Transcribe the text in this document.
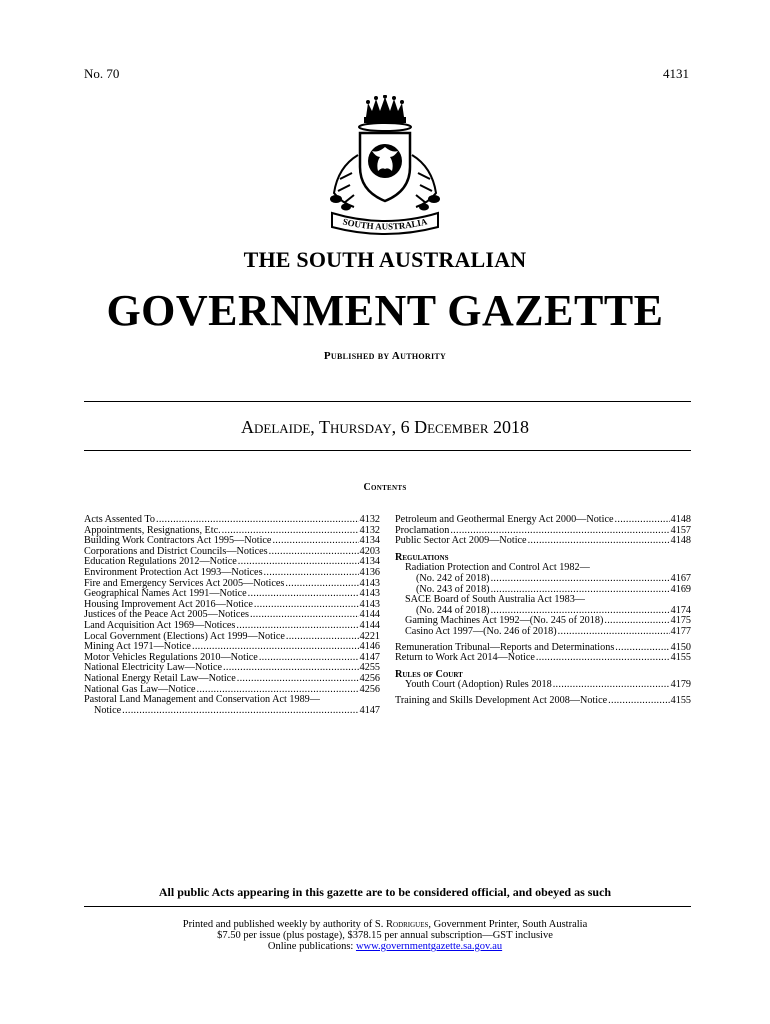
No. 70	4131
SOUTH AUSTRALIA
THE SOUTH AUSTRALIAN
GOVERNMENT GAZETTE
Published by Authority
Adelaide, Thursday, 6 December 2018
Contents
Acts Assented To .....	4132
Appointments, Resignations, Etc. .....	4132
Building Work Contractors Act 1995—Notice .....	4134
Corporations and District Councils—Notices .....	4203
Education Regulations 2012—Notice .....	4134
Environment Protection Act 1993—Notices .....	4136
Fire and Emergency Services Act 2005—Notices .....	4143
Geographical Names Act 1991—Notice .....	4143
Housing Improvement Act 2016—Notice .....	4143
Justices of the Peace Act 2005—Notices .....	4144
Land Acquisition Act 1969—Notices .....	4144
Local Government (Elections) Act 1999—Notice .....	4221
Mining Act 1971—Notice .....	4146
Motor Vehicles Regulations 2010—Notice .....	4147
National Electricity Law—Notice .....	4255
National Energy Retail Law—Notice .....	4256
National Gas Law—Notice .....	4256
Pastoral Land Management and Conservation Act 1989—
Notice .....	4147
Petroleum and Geothermal Energy Act 2000—Notice .....	4148
Proclamation .....	4157
Public Sector Act 2009—Notice .....	4148
Regulations
Radiation Protection and Control Act 1982—
(No. 242 of 2018) .....	4167
(No. 243 of 2018) .....	4169
SACE Board of South Australia Act 1983—
(No. 244 of 2018) .....	4174
Gaming Machines Act 1992—(No. 245 of 2018) .....	4175
Casino Act 1997—(No. 246 of 2018) .....	4177
Remuneration Tribunal—Reports and Determinations .....	4150
Return to Work Act 2014—Notice .....	4155
Rules of Court
Youth Court (Adoption) Rules 2018 .....	4179
Training and Skills Development Act 2008—Notice .....	4155
All public Acts appearing in this gazette are to be considered official, and obeyed as such
Printed and published weekly by authority of S. Rodrigues, Government Printer, South Australia
$7.50 per issue (plus postage), $378.15 per annual subscription—GST inclusive
Online publications: www.governmentgazette.sa.gov.au
